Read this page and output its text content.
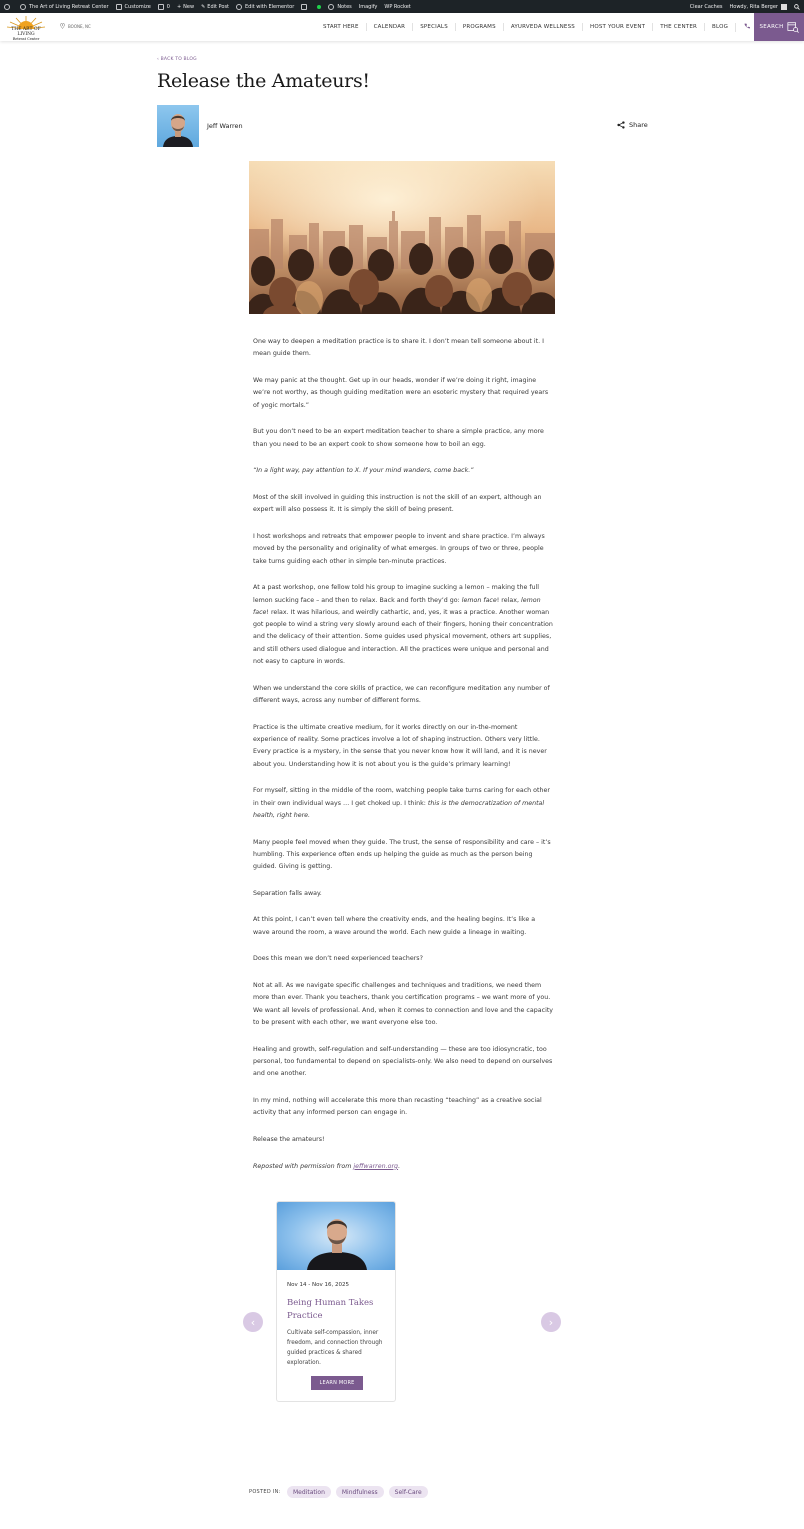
The Art of Living Retreat Center	Customize	0 + New ✎ Edit Post	Edit with Elementor	Notes Imagify WP Rocket	Clear Caches Howdy, Rita Berger
THE ART OF LIVING
Retreat Center
BOONE, NC	START HERE	CALENDAR	SPECIALS	PROGRAMS	AYURVEDA WELLNESS	HOST YOUR EVENT	THE CENTER	BLOG	SEARCH
‹ BACK TO BLOG
Release the Amateurs!
Jeff Warren	Share

One way to deepen a meditation practice is to share it. I don’t mean tell someone about it. I mean guide them.

We may panic at the thought. Get up in our heads, wonder if we’re doing it right, imagine we’re not worthy, as though guiding meditation were an esoteric mystery that required years of yogic mortals.”

But you don’t need to be an expert meditation teacher to share a simple practice, any more than you need to be an expert cook to show someone how to boil an egg.

“In a light way, pay attention to X. If your mind wanders, come back.”

Most of the skill involved in guiding this instruction is not the skill of an expert, although an expert will also possess it. It is simply the skill of being present.

I host workshops and retreats that empower people to invent and share practice. I’m always moved by the personality and originality of what emerges. In groups of two or three, people take turns guiding each other in simple ten-minute practices.

At a past workshop, one fellow told his group to imagine sucking a lemon – making the full lemon sucking face – and then to relax. Back and forth they’d go: lemon face! relax, lemon face! relax. It was hilarious, and weirdly cathartic, and, yes, it was a practice. Another woman got people to wind a string very slowly around each of their fingers, honing their concentration and the delicacy of their attention. Some guides used physical movement, others art supplies, and still others used dialogue and interaction. All the practices were unique and personal and not easy to capture in words.

When we understand the core skills of practice, we can reconfigure meditation any number of different ways, across any number of different forms.

Practice is the ultimate creative medium, for it works directly on our in-the-moment experience of reality. Some practices involve a lot of shaping instruction. Others very little. Every practice is a mystery, in the sense that you never know how it will land, and it is never about you. Understanding how it is not about you is the guide’s primary learning!

For myself, sitting in the middle of the room, watching people take turns caring for each other in their own individual ways … I get choked up. I think: this is the democratization of mental health, right here.

Many people feel moved when they guide. The trust, the sense of responsibility and care – it’s humbling. This experience often ends up helping the guide as much as the person being guided. Giving is getting.

Separation falls away.

At this point, I can’t even tell where the creativity ends, and the healing begins. It’s like a wave around the room, a wave around the world. Each new guide a lineage in waiting.

Does this mean we don’t need experienced teachers?

Not at all. As we navigate specific challenges and techniques and traditions, we need them more than ever. Thank you teachers, thank you certification programs – we want more of you. We want all levels of professional. And, when it comes to connection and love and the capacity to be present with each other, we want everyone else too.

Healing and growth, self-regulation and self-understanding — these are too idiosyncratic, too personal, too fundamental to depend on specialists-only. We also need to depend on ourselves and one another.

In my mind, nothing will accelerate this more than recasting “teaching” as a creative social activity that any informed person can engage in.

Release the amateurs!

Reposted with permission from jeffwarren.org.

‹	›
Nov 14 - Nov 16, 2025
Being Human Takes Practice
Cultivate self-compassion, inner freedom, and connection through guided practices & shared exploration.
LEARN MORE
POSTED IN:	Meditation	Mindfulness	Self-Care
